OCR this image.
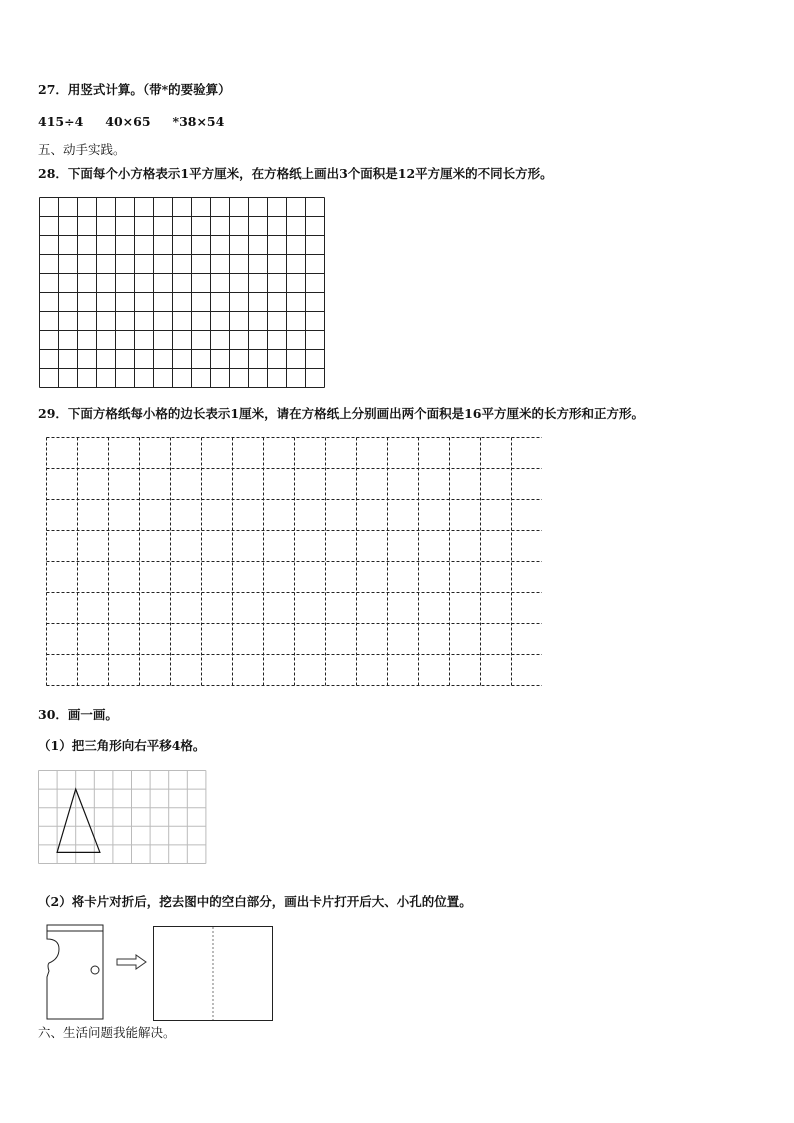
27．用竖式计算。（带*的要验算）
415÷4 40×65 *38×54
五、动手实践。
28．下面每个小方格表示1平方厘米，在方格纸上画出3个面积是12平方厘米的不同长方形。
29．下面方格纸每小格的边长表示1厘米，请在方格纸上分别画出两个面积是16平方厘米的长方形和正方形。
30．画一画。
（1）把三角形向右平移4格。
（2）将卡片对折后，挖去图中的空白部分，画出卡片打开后大、小孔的位置。
六、生活问题我能解决。
